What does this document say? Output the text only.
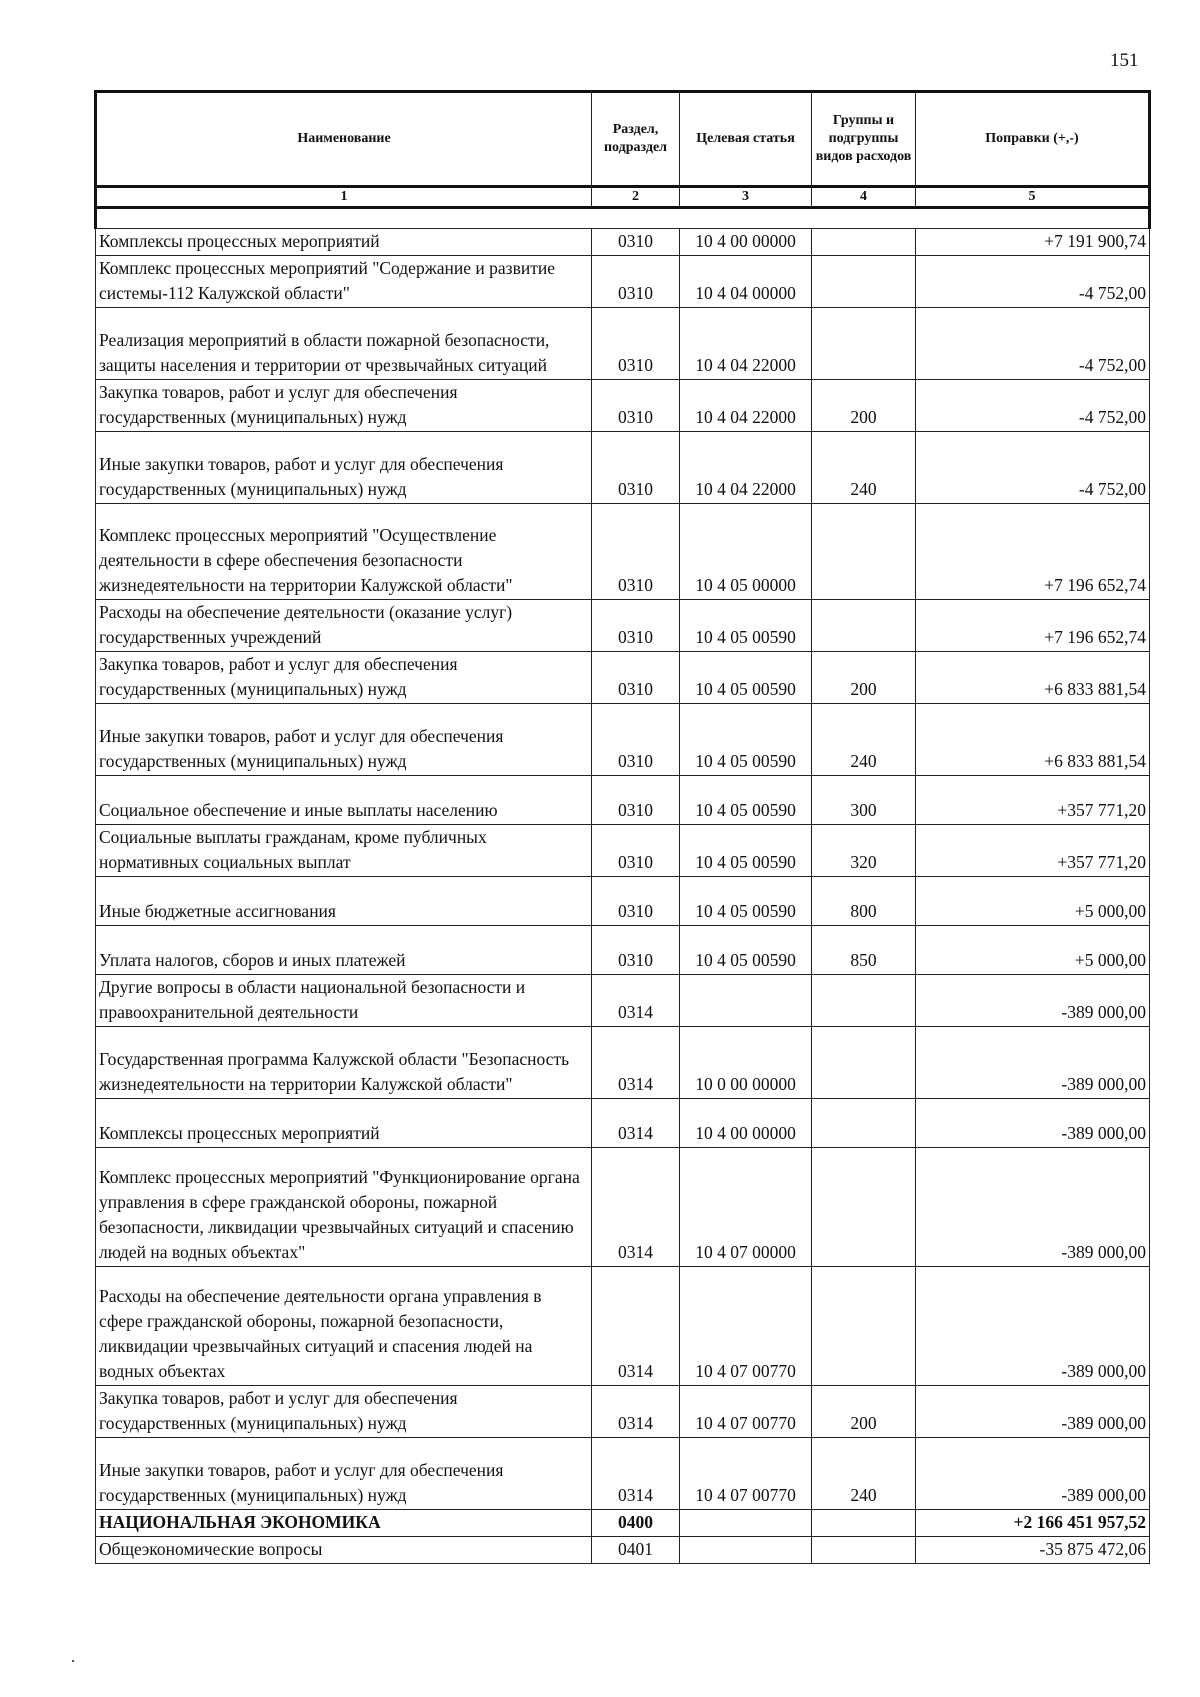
151
Наименование	Раздел, подраздел	Целевая статья	Группы и подгруппы видов расходов	Поправки (+,-)
1	2	3	4	5

Комплексы процессных мероприятий	0310	10 4 00 00000		+7 191 900,74
Комплекс процессных мероприятий "Содержание и развитие системы-112 Калужской области"	0310	10 4 04 00000		-4 752,00
Реализация мероприятий в области пожарной безопасности, защиты населения и территории от чрезвычайных ситуаций	0310	10 4 04 22000		-4 752,00
Закупка товаров, работ и услуг для обеспечения государственных (муниципальных) нужд	0310	10 4 04 22000	200	-4 752,00
Иные закупки товаров, работ и услуг для обеспечения государственных (муниципальных) нужд	0310	10 4 04 22000	240	-4 752,00
Комплекс процессных мероприятий "Осуществление деятельности в сфере обеспечения безопасности жизнедеятельности на территории Калужской области"	0310	10 4 05 00000		+7 196 652,74
Расходы на обеспечение деятельности (оказание услуг) государственных учреждений	0310	10 4 05 00590		+7 196 652,74
Закупка товаров, работ и услуг для обеспечения государственных (муниципальных) нужд	0310	10 4 05 00590	200	+6 833 881,54
Иные закупки товаров, работ и услуг для обеспечения государственных (муниципальных) нужд	0310	10 4 05 00590	240	+6 833 881,54
Социальное обеспечение и иные выплаты населению	0310	10 4 05 00590	300	+357 771,20
Социальные выплаты гражданам, кроме публичных нормативных социальных выплат	0310	10 4 05 00590	320	+357 771,20
Иные бюджетные ассигнования	0310	10 4 05 00590	800	+5 000,00
Уплата налогов, сборов и иных платежей	0310	10 4 05 00590	850	+5 000,00
Другие вопросы в области национальной безопасности и правоохранительной деятельности	0314			-389 000,00
Государственная программа Калужской области "Безопасность жизнедеятельности на территории Калужской области"	0314	10 0 00 00000		-389 000,00
Комплексы процессных мероприятий	0314	10 4 00 00000		-389 000,00
Комплекс процессных мероприятий "Функционирование органа управления в сфере гражданской обороны, пожарной безопасности, ликвидации чрезвычайных ситуаций и спасению людей на водных объектах"	0314	10 4 07 00000		-389 000,00
Расходы на обеспечение деятельности органа управления в сфере гражданской обороны, пожарной безопасности, ликвидации чрезвычайных ситуаций и спасения людей на водных объектах	0314	10 4 07 00770		-389 000,00
Закупка товаров, работ и услуг для обеспечения государственных (муниципальных) нужд	0314	10 4 07 00770	200	-389 000,00
Иные закупки товаров, работ и услуг для обеспечения государственных (муниципальных) нужд	0314	10 4 07 00770	240	-389 000,00
НАЦИОНАЛЬНАЯ ЭКОНОМИКА	0400			+2 166 451 957,52
Общеэкономические вопросы	0401			-35 875 472,06
